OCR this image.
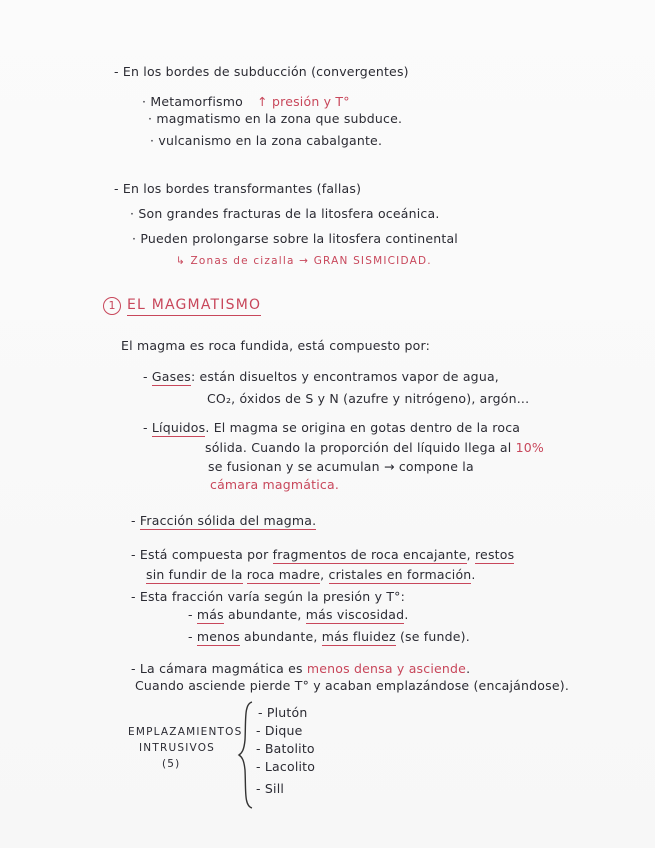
- En los bordes de subducción (convergentes)
· Metamorfismo ↑ presión y T°
· magmatismo en la zona que subduce.
· vulcanismo en la zona cabalgante.
- En los bordes transformantes (fallas)
· Son grandes fracturas de la litosfera oceánica.
· Pueden prolongarse sobre la litosfera continental
↳ Zonas de cizalla → GRAN SISMICIDAD.
1 EL MAGMATISMO
El magma es roca fundida, está compuesto por:
- Gases: están disueltos y encontramos vapor de agua,
CO₂, óxidos de S y N (azufre y nitrógeno), argón...
- Líquidos. El magma se origina en gotas dentro de la roca
sólida. Cuando la proporción del líquido llega al 10%
se fusionan y se acumulan → compone la
cámara magmática.
- Fracción sólida del magma.
- Está compuesta por fragmentos de roca encajante, restos
sin fundir de la roca madre, cristales en formación.
- Esta fracción varía según la presión y T°:
- más abundante, más viscosidad.
- menos abundante, más fluidez (se funde).
- La cámara magmática es menos densa y asciende.
Cuando asciende pierde T° y acaban emplazándose (encajándose).
EMPLAZAMIENTOS
INTRUSIVOS
(5)
- Plutón
- Dique
- Batolito
- Lacolito
- Sill
